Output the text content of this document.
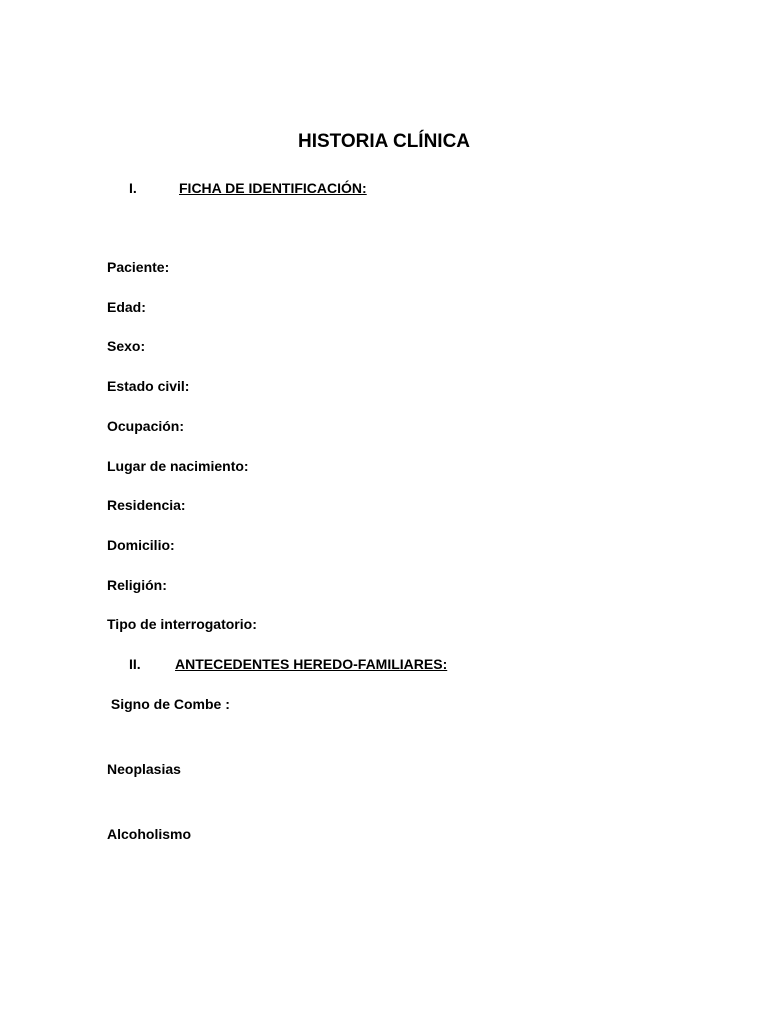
HISTORIA CLÍNICA
I.	FICHA DE IDENTIFICACIÓN:
Paciente:
Edad:
Sexo:
Estado civil:
Ocupación:
Lugar de nacimiento:
Residencia:
Domicilio:
Religión:
Tipo de interrogatorio:
II. ANTECEDENTES HEREDO-FAMILIARES:
Signo de Combe :
Neoplasias
Alcoholismo
